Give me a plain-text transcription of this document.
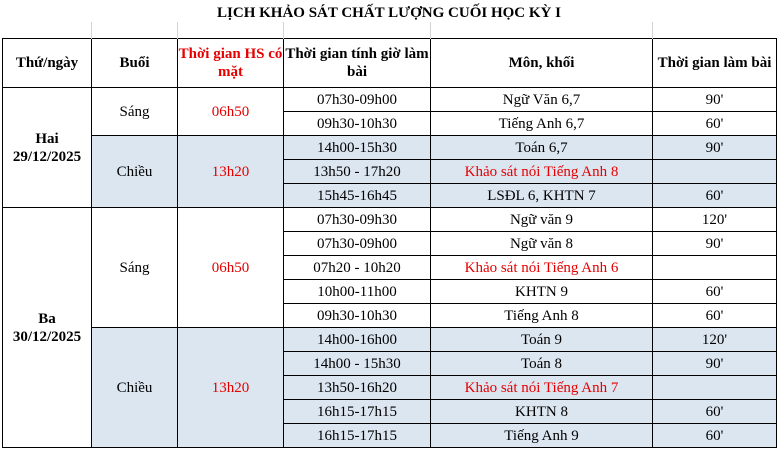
LỊCH KHẢO SÁT CHẤT LƯỢNG CUỐI HỌC KỲ I

Thứ/ngày	Buổi	Thời gian HS có mặt	Thời gian tính giờ làm bài	Môn, khối	Thời gian làm bài

Hai
29/12/2025	Sáng	06h50	07h30-09h00	Ngữ Văn 6,7	90'
			09h30-10h30	Tiếng Anh 6,7	60'
	Chiều	13h20	14h00-15h30	Toán 6,7	90'
			13h50 - 17h20	Khảo sát nói Tiếng Anh 8	
			15h45-16h45	LSĐL 6, KHTN 7	60'

Ba
30/12/2025	Sáng	06h50	07h30-09h30	Ngữ văn 9	120'
			07h30-09h00	Ngữ văn 8	90'
			07h20 - 10h20	Khảo sát nói Tiếng Anh 6	
			10h00-11h00	KHTN 9	60'
			09h30-10h30	Tiếng Anh 8	60'
	Chiều	13h20	14h00-16h00	Toán 9	120'
			14h00 - 15h30	Toán 8	90'
			13h50-16h20	Khảo sát nói Tiếng Anh 7	
			16h15-17h15	KHTN 8	60'
			16h15-17h15	Tiếng Anh 9	60'
